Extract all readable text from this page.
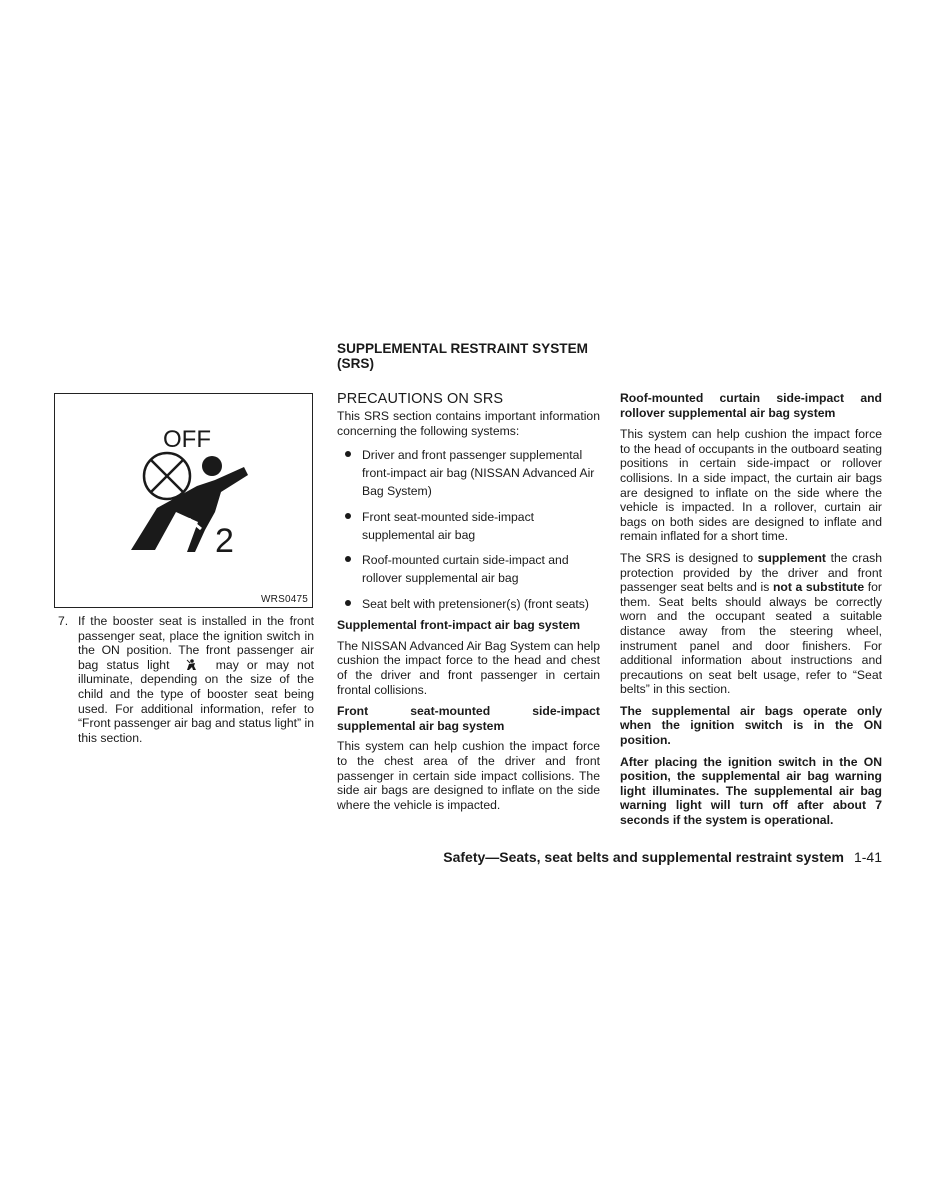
OFF
2
WRS0475
7. If the booster seat is installed in the front passenger seat, place the ignition switch in the ON position. The front passenger air bag status light	may or may not illuminate, depending on the size of the child and the type of booster seat being used. For additional information, refer to “Front passenger air bag and status light” in this section.
SUPPLEMENTAL RESTRAINT SYSTEM (SRS)
PRECAUTIONS ON SRS

This SRS section contains important information concerning the following systems:

Driver and front passenger supplemental front-impact air bag (NISSAN Advanced Air Bag System)
Front seat-mounted side-impact supplemental air bag
Roof-mounted curtain side-impact and rollover supplemental air bag
Seat belt with pretensioner(s) (front seats)

Supplemental front-impact air bag system

The NISSAN Advanced Air Bag System can help cushion the impact force to the head and chest of the driver and front passenger in certain frontal collisions.

Front seat-mounted side-impact supplemental air bag system

This system can help cushion the impact force to the chest area of the driver and front passenger in certain side impact collisions. The side air bags are designed to inflate on the side where the vehicle is impacted.

Roof-mounted curtain side-impact and rollover supplemental air bag system

This system can help cushion the impact force to the head of occupants in the outboard seating positions in certain side-impact or rollover collisions. In a side impact, the curtain air bags are designed to inflate on the side where the vehicle is impacted. In a rollover, curtain air bags on both sides are designed to inflate and remain inflated for a short time.

The SRS is designed to supplement the crash protection provided by the driver and front passenger seat belts and is not a substitute for them. Seat belts should always be correctly worn and the occupant seated a suitable distance away from the steering wheel, instrument panel and door finishers. For additional information about instructions and precautions on seat belt usage, refer to “Seat belts” in this section.

The supplemental air bags operate only when the ignition switch is in the ON position.

After placing the ignition switch in the ON position, the supplemental air bag warning light illuminates. The supplemental air bag warning light will turn off after about 7 seconds if the system is operational.

Safety—Seats, seat belts and supplemental restraint system 1-41
